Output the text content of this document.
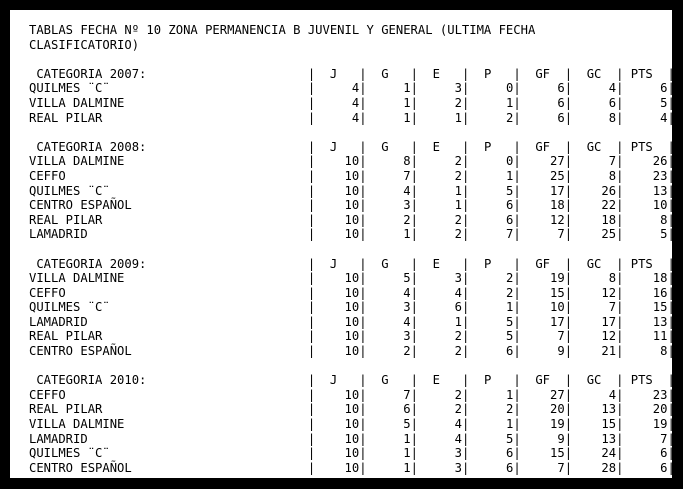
TABLAS FECHA Nº 10 ZONA PERMANENCIA B JUVENIL Y GENERAL (ULTIMA FECHA
CLASIFICATORIO)
CATEGORIA 2007:                      |  J   |  G   |  E   |  P   |  GF  |  GC  | PTS  |
QUILMES ¨C¨                           |     4|     1|     3|     0|     6|     4|     6|
VILLA DALMINE                         |     4|     1|     2|     1|     6|     6|     5|
REAL PILAR                            |     4|     1|     1|     2|     6|     8|     4|
CATEGORIA 2008:                      |  J   |  G   |  E   |  P   |  GF  |  GC  | PTS  |
VILLA DALMINE                         |    10|     8|     2|     0|    27|     7|    26|
CEFFO                                 |    10|     7|     2|     1|    25|     8|    23|
QUILMES ¨C¨                           |    10|     4|     1|     5|    17|    26|    13|
CENTRO ESPAÑOL                        |    10|     3|     1|     6|    18|    22|    10|
REAL PILAR                            |    10|     2|     2|     6|    12|    18|     8|
LAMADRID                              |    10|     1|     2|     7|     7|    25|     5|
CATEGORIA 2009:                      |  J   |  G   |  E   |  P   |  GF  |  GC  | PTS  |
VILLA DALMINE                         |    10|     5|     3|     2|    19|     8|    18|
CEFFO                                 |    10|     4|     4|     2|    15|    12|    16|
QUILMES ¨C¨                           |    10|     3|     6|     1|    10|     7|    15|
LAMADRID                              |    10|     4|     1|     5|    17|    17|    13|
REAL PILAR                            |    10|     3|     2|     5|     7|    12|    11|
CENTRO ESPAÑOL                        |    10|     2|     2|     6|     9|    21|     8|
CATEGORIA 2010:                      |  J   |  G   |  E   |  P   |  GF  |  GC  | PTS  |
CEFFO                                 |    10|     7|     2|     1|    27|     4|    23|
REAL PILAR                            |    10|     6|     2|     2|    20|    13|    20|
VILLA DALMINE                         |    10|     5|     4|     1|    19|    15|    19|
LAMADRID                              |    10|     1|     4|     5|     9|    13|     7|
QUILMES ¨C¨                           |    10|     1|     3|     6|    15|    24|     6|
CENTRO ESPAÑOL                        |    10|     1|     3|     6|     7|    28|     6|
